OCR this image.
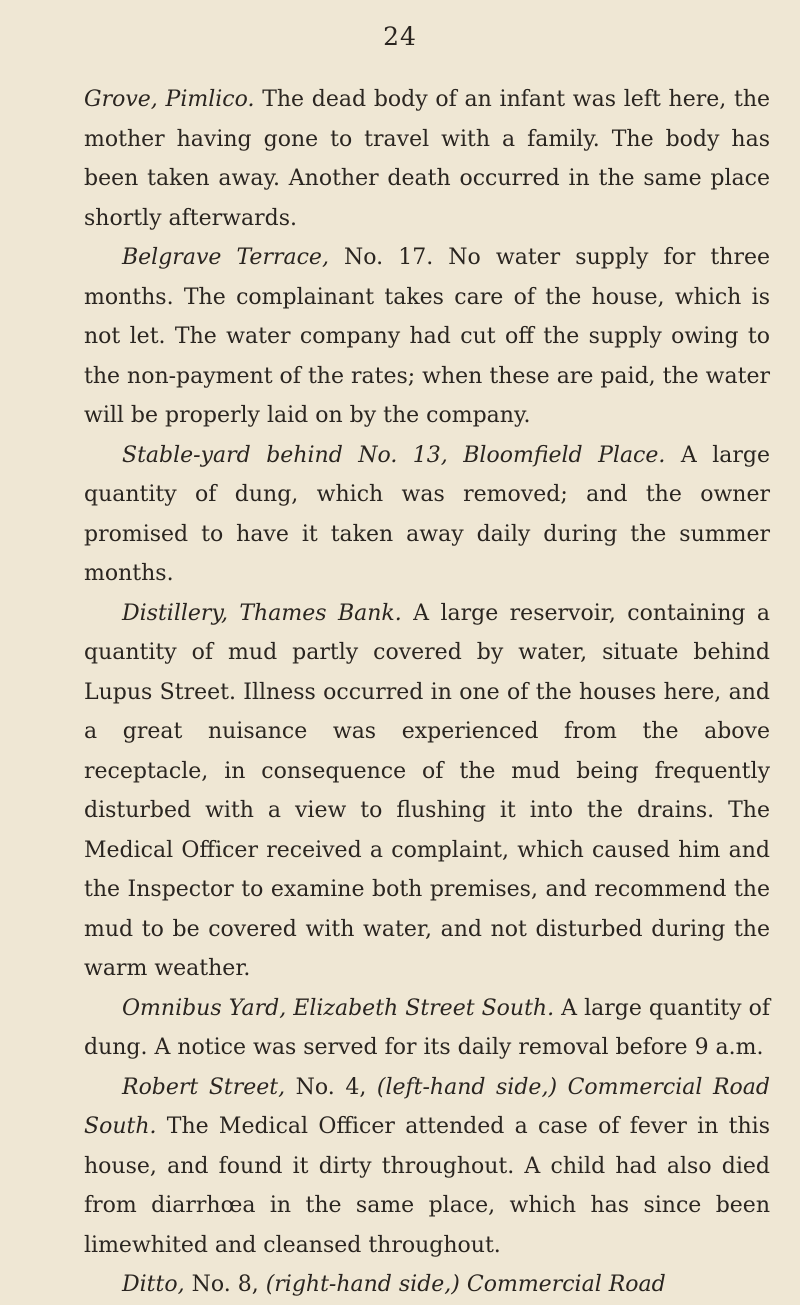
24

Grove, Pimlico. The dead body of an infant was left here, the mother having gone to travel with a family. The body has been taken away. Another death occurred in the same place shortly afterwards.

Belgrave Terrace, No. 17. No water supply for three months. The complainant takes care of the house, which is not let. The water company had cut off the supply owing to the non-payment of the rates; when these are paid, the water will be properly laid on by the company.

Stable-yard behind No. 13, Bloomfield Place. A large quantity of dung, which was removed; and the owner promised to have it taken away daily during the summer months.

Distillery, Thames Bank. A large reservoir, containing a quantity of mud partly covered by water, situate behind Lupus Street. Illness occurred in one of the houses here, and a great nuisance was experienced from the above receptacle, in consequence of the mud being frequently disturbed with a view to flushing it into the drains. The Medical Officer received a complaint, which caused him and the Inspector to examine both premises, and recommend the mud to be covered with water, and not disturbed during the warm weather.

Omnibus Yard, Elizabeth Street South. A large quantity of dung. A notice was served for its daily removal before 9 a.m.

Robert Street, No. 4, (left-hand side,) Commercial Road South. The Medical Officer attended a case of fever in this house, and found it dirty throughout. A child had also died from diarrhœa in the same place, which has since been limewhited and cleansed throughout.

Ditto, No. 8, (right-hand side,) Commercial Road
